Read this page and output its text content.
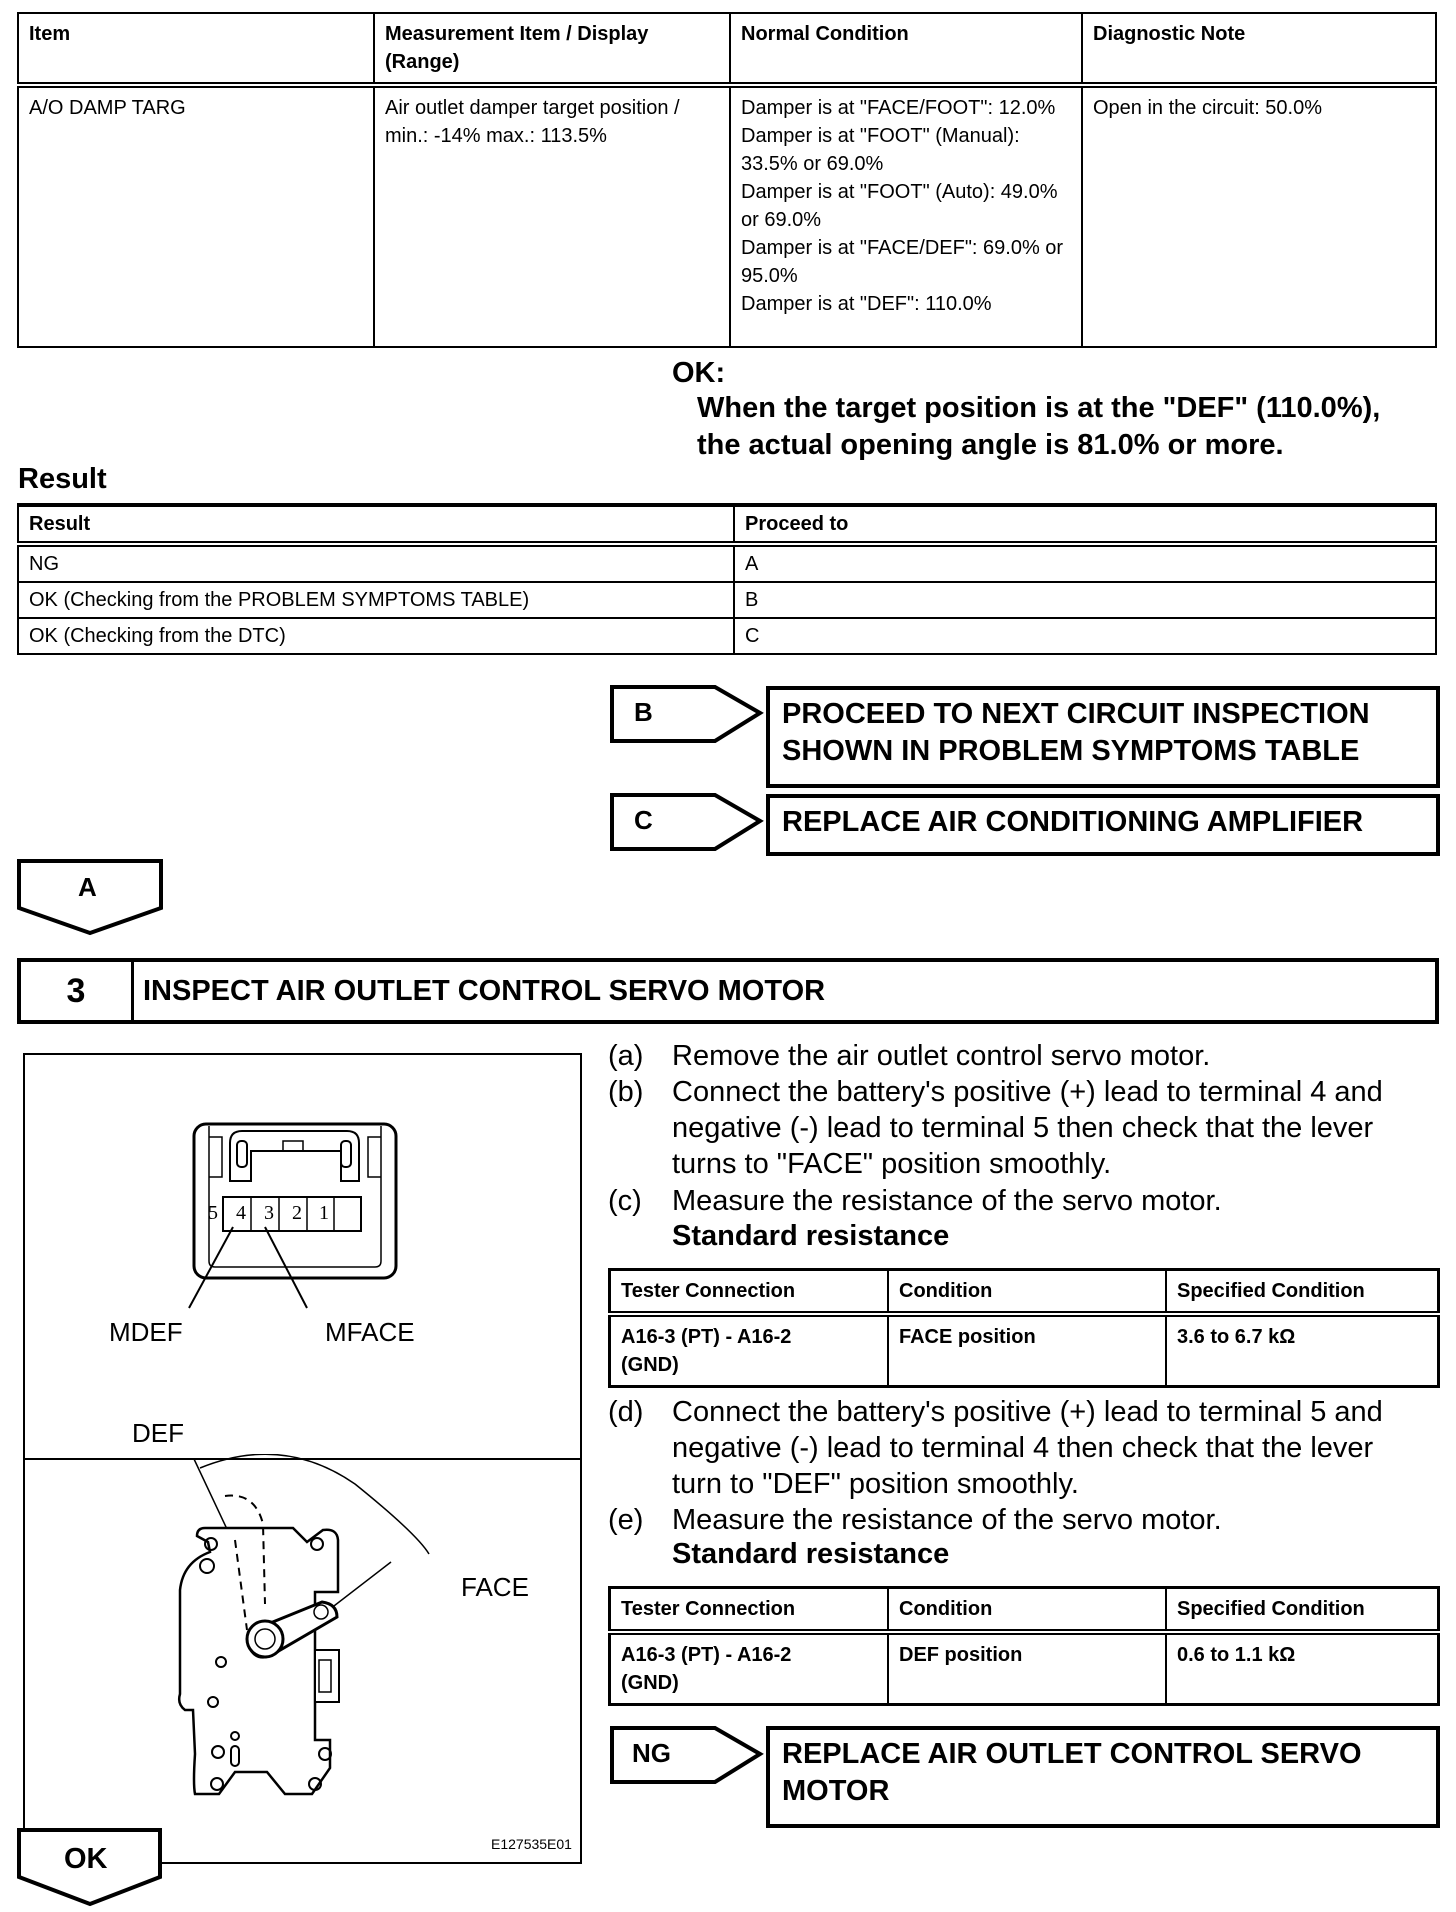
Item	Measurement Item / Display (Range)	Normal Condition	Diagnostic Note
A/O DAMP TARG	Air outlet damper target position / min.: -14% max.: 113.5%	Damper is at "FACE/FOOT": 12.0%
Damper is at "FOOT" (Manual): 33.5% or 69.0%
Damper is at "FOOT" (Auto): 49.0% or 69.0%
Damper is at "FACE/DEF": 69.0% or 95.0%
Damper is at "DEF": 110.0%	Open in the circuit: 50.0%
OK:
When the target position is at the "DEF" (110.0%),
the actual opening angle is 81.0% or more.
Result
Result	Proceed to
NG	A
OK (Checking from the PROBLEM SYMPTOMS TABLE)	B
OK (Checking from the DTC)	C
B	PROCEED TO NEXT CIRCUIT INSPECTION
SHOWN IN PROBLEM SYMPTOMS TABLE
C	REPLACE AIR CONDITIONING AMPLIFIER
A
3	INSPECT AIR OUTLET CONTROL SERVO MOTOR
5 4 3 2 1
MDEF	MFACE
DEF
FACE
E127535E01
(a) Remove the air outlet control servo motor.
(b) Connect the battery's positive (+) lead to terminal 4 and
negative (-) lead to terminal 5 then check that the lever
turns to "FACE" position smoothly.
(c) Measure the resistance of the servo motor.
Standard resistance
Tester Connection	Condition	Specified Condition

A16-3 (PT) - A16-2
(GND)	FACE position	3.6 to 6.7 kΩ
(d) Connect the battery's positive (+) lead to terminal 5 and
negative (-) lead to terminal 4 then check that the lever
turn to "DEF" position smoothly.
(e) Measure the resistance of the servo motor.
Standard resistance
Tester Connection	Condition	Specified Condition

A16-3 (PT) - A16-2
(GND)	DEF position	0.6 to 1.1 kΩ
NG	REPLACE AIR OUTLET CONTROL SERVO
MOTOR
OK
